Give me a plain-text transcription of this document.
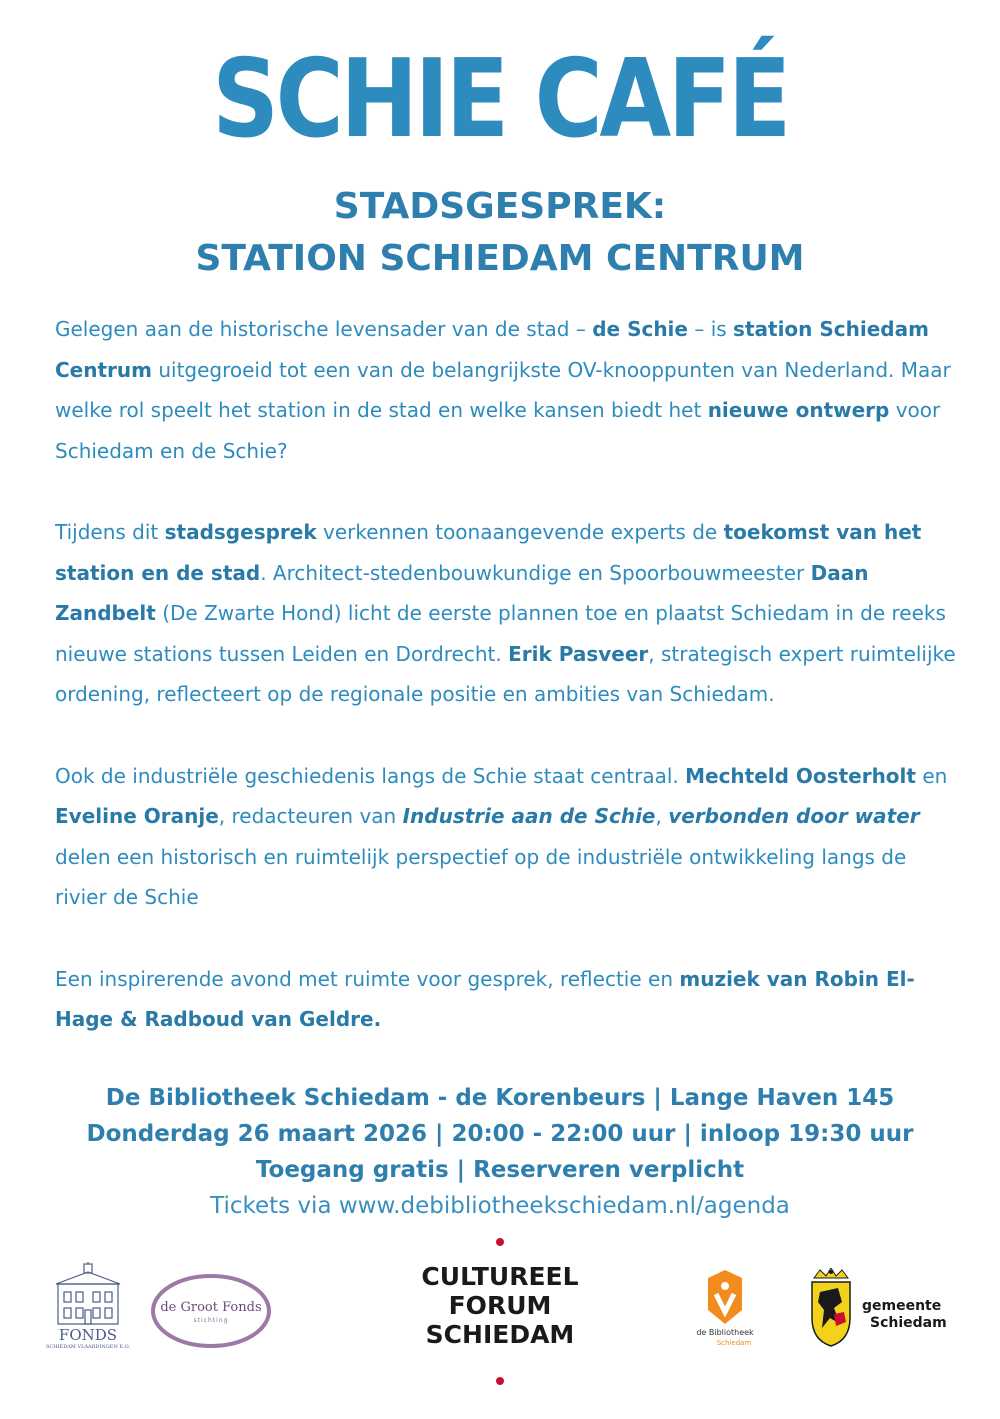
SCHIE CAFÉ
STADSGESPREK:
STATION SCHIEDAM CENTRUM

Gelegen aan de historische levensader van de stad – de Schie – is station Schiedam Centrum uitgegroeid tot een van de belangrijkste OV-knooppunten van Nederland. Maar welke rol speelt het station in de stad en welke kansen biedt het nieuwe ontwerp voor Schiedam en de Schie?

Tijdens dit stadsgesprek verkennen toonaangevende experts de toekomst van het station en de stad. Architect-stedenbouwkundige en Spoorbouwmeester Daan Zandbelt (De Zwarte Hond) licht de eerste plannen toe en plaatst Schiedam in de reeks nieuwe stations tussen Leiden en Dordrecht. Erik Pasveer, strategisch expert ruimtelijke ordening, reflecteert op de regionale positie en ambities van Schiedam.

Ook de industriële geschiedenis langs de Schie staat centraal. Mechteld Oosterholt en Eveline Oranje, redacteuren van Industrie aan de Schie, verbonden door water delen een historisch en ruimtelijk perspectief op de industriële ontwikkeling langs de rivier de Schie

Een inspirerende avond met ruimte voor gesprek, reflectie en muziek van Robin El-Hage & Radboud van Geldre.

De Bibliotheek Schiedam - de Korenbeurs | Lange Haven 145
Donderdag 26 maart 2026 | 20:00 - 22:00 uur | inloop 19:30 uur
Toegang gratis | Reserveren verplicht
Tickets via www.debibliotheekschiedam.nl/agenda
FONDS
SCHIEDAM VLAARDINGEN E.O.
de Groot Fonds
stichting
CULTUREEL
FORUM
SCHIEDAM	de Bibliotheek
Schiedam
gemeente
Schiedam
